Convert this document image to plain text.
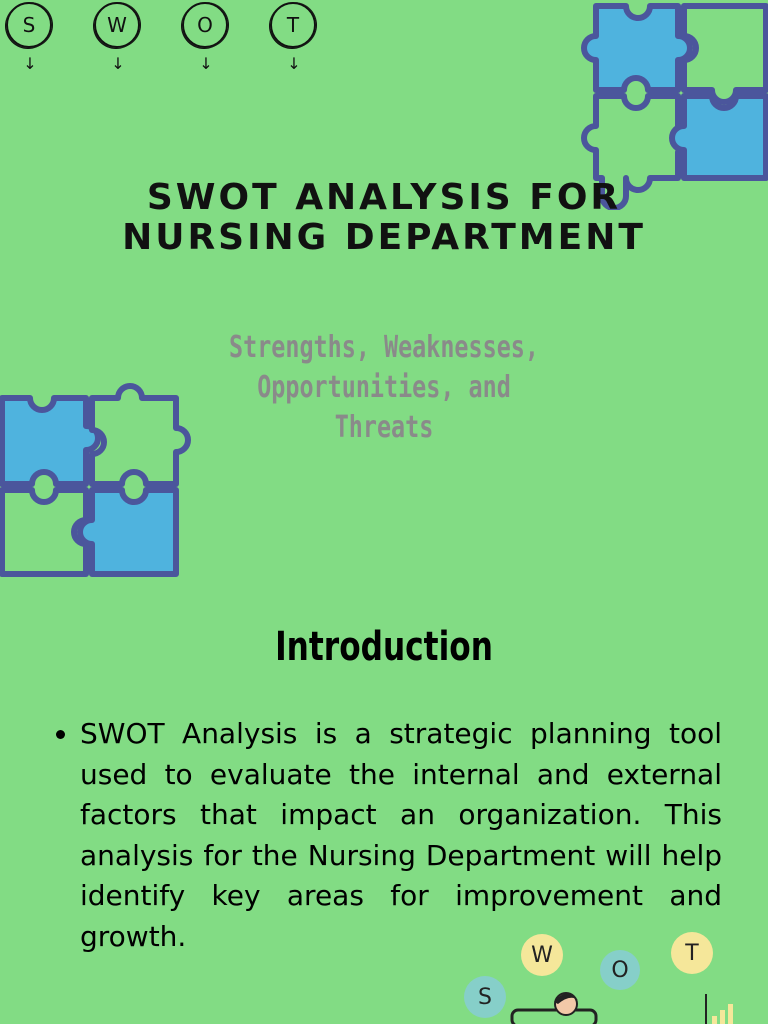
S
↓
W
↓
O
↓
T
↓
SWOT ANALYSIS FOR NURSING DEPARTMENT

Strengths, Weaknesses, Opportunities, and Threats

Introduction
• SWOT Analysis is a strategic planning tool used to evaluate the internal and external factors that impact an organization. This analysis for the Nursing Department will help identify key areas for improvement and growth.
W
O
T
S
